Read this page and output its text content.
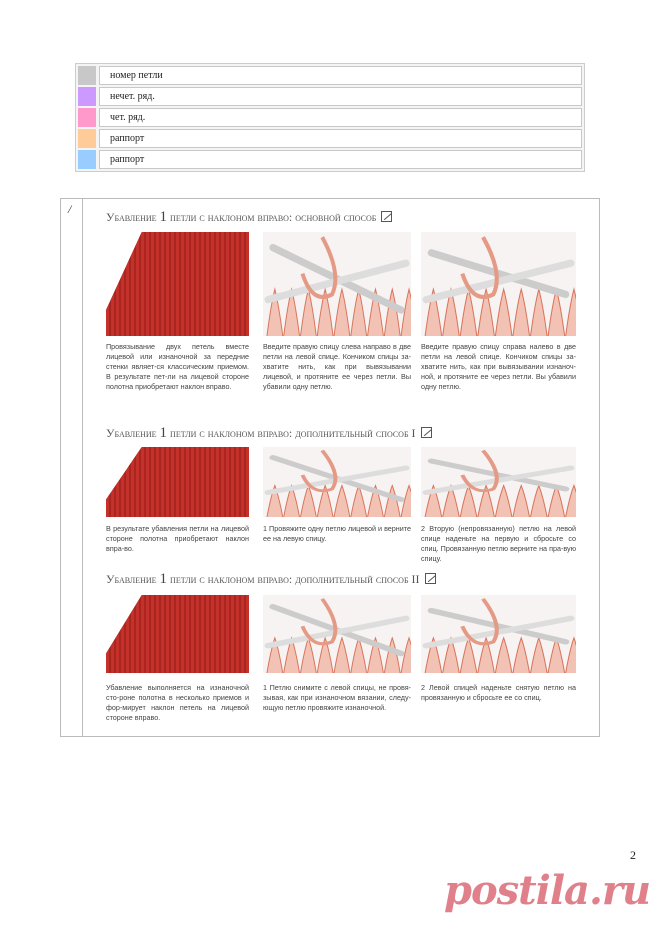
номер петли
нечет. ряд.
чет. ряд.
раппорт
раппорт
/
Убавление 1 петли с наклоном вправо: основной способ
Провязывание двух петель вместе лицевой или изнаночной за передние стенки являет-ся классическим приемом. В результате пет-ли на лицевой стороне полотна приобретают наклон вправо.
Введите правую спицу слева направо в две петли на левой спице. Кончиком спицы за-хватите нить, как при вывязывании лицевой, и протяните ее через петли. Вы убавили одну петлю.
Введите правую спицу справа налево в две петли на левой спице. Кончиком спицы за-хватите нить, как при вывязывании изнаноч-ной, и протяните ее через петли. Вы убавили одну петлю.
Убавление 1 петли с наклоном вправо: дополнительный способ I
В результате убавления петли на лицевой стороне полотна приобретают наклон впра-во.
1 Провяжите одну петлю лицевой и верните ее на левую спицу.
2 Вторую (непровязанную) петлю на левой спице наденьте на первую и сбросьте со спиц. Провязанную петлю верните на пра-вую спицу.
Убавление 1 петли с наклоном вправо: дополнительный способ II
Убавление выполняется на изнаночной сто-роне полотна в несколько приемов и фор-мирует наклон петель на лицевой стороне вправо.
1 Петлю снимите с левой спицы, не провя-зывая, как при изнаночном вязании, следу-ющую петлю провяжите изнаночной.
2 Левой спицей наденьте снятую петлю на провязанную и сбросьте ее со спиц.
postila.ru
2
